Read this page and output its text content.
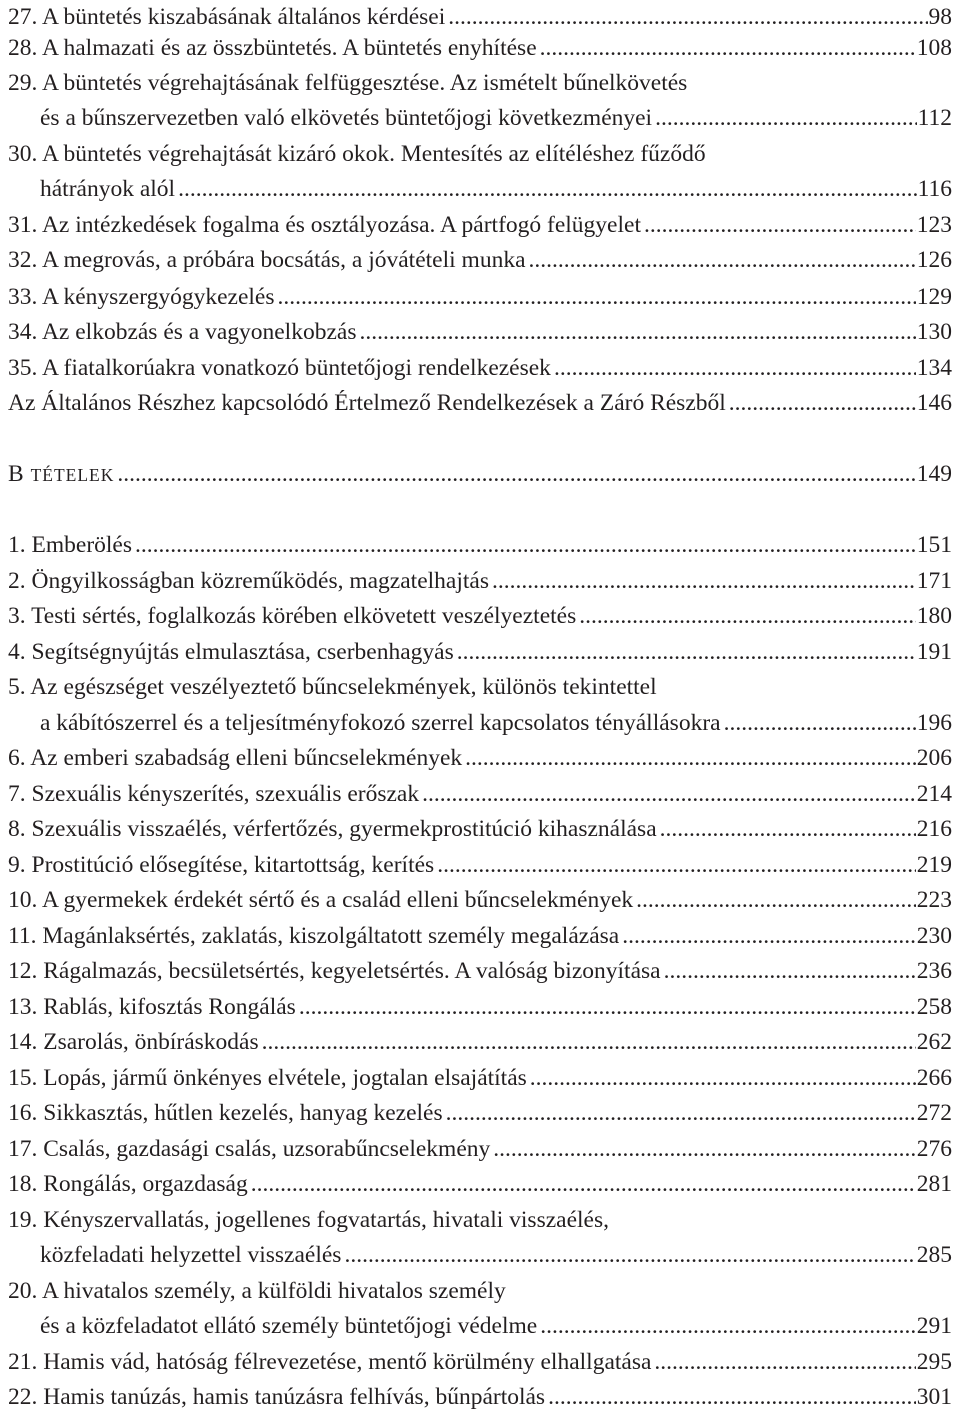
27. A büntetés kiszabásának általános kérdései .....	98
28. A halmazati és az összbüntetés. A büntetés enyhítése .....	108
29. A büntetés végrehajtásának felfüggesztése. Az ismételt bűnelkövetés
és a bűnszervezetben való elkövetés büntetőjogi következményei .....	112
30. A büntetés végrehajtását kizáró okok. Mentesítés az elítéléshez fűződő
hátrányok alól .....	116
31. Az intézkedések fogalma és osztályozása. A pártfogó felügyelet .....	123
32. A megrovás, a próbára bocsátás, a jóvátételi munka .....	126
33. A kényszergyógykezelés .....	129
34. Az elkobzás és a vagyonelkobzás .....	130
35. A fiatalkorúakra vonatkozó büntetőjogi rendelkezések .....	134
Az Általános Részhez kapcsolódó Értelmező Rendelkezések a Záró Részből .....	146
B TÉTELEK .....	149
1. Emberölés .....	151
2. Öngyilkosságban közreműködés, magzatelhajtás .....	171
3. Testi sértés, foglalkozás körében elkövetett veszélyeztetés .....	180
4. Segítségnyújtás elmulasztása, cserbenhagyás .....	191
5. Az egészséget veszélyeztető bűncselekmények, különös tekintettel
a kábítószerrel és a teljesítményfokozó szerrel kapcsolatos tényállásokra .....	196
6. Az emberi szabadság elleni bűncselekmények .....	206
7. Szexuális kényszerítés, szexuális erőszak .....	214
8. Szexuális visszaélés, vérfertőzés, gyermekprostitúció kihasználása .....	216
9. Prostitúció elősegítése, kitartottság, kerítés .....	219
10. A gyermekek érdekét sértő és a család elleni bűncselekmények .....	223
11. Magánlaksértés, zaklatás, kiszolgáltatott személy megalázása .....	230
12. Rágalmazás, becsületsértés, kegyeletsértés. A valóság bizonyítása .....	236
13. Rablás, kifosztás Rongálás .....	258
14. Zsarolás, önbíráskodás .....	262
15. Lopás, jármű önkényes elvétele, jogtalan elsajátítás .....	266
16. Sikkasztás, hűtlen kezelés, hanyag kezelés .....	272
17. Csalás, gazdasági csalás, uzsorabűncselekmény .....	276
18. Rongálás, orgazdaság .....	281
19. Kényszervallatás, jogellenes fogvatartás, hivatali visszaélés,
közfeladati helyzettel visszaélés .....	285
20. A hivatalos személy, a külföldi hivatalos személy
és a közfeladatot ellátó személy büntetőjogi védelme .....	291
21. Hamis vád, hatóság félrevezetése, mentő körülmény elhallgatása .....	295
22. Hamis tanúzás, hamis tanúzásra felhívás, bűnpártolás .....	301
